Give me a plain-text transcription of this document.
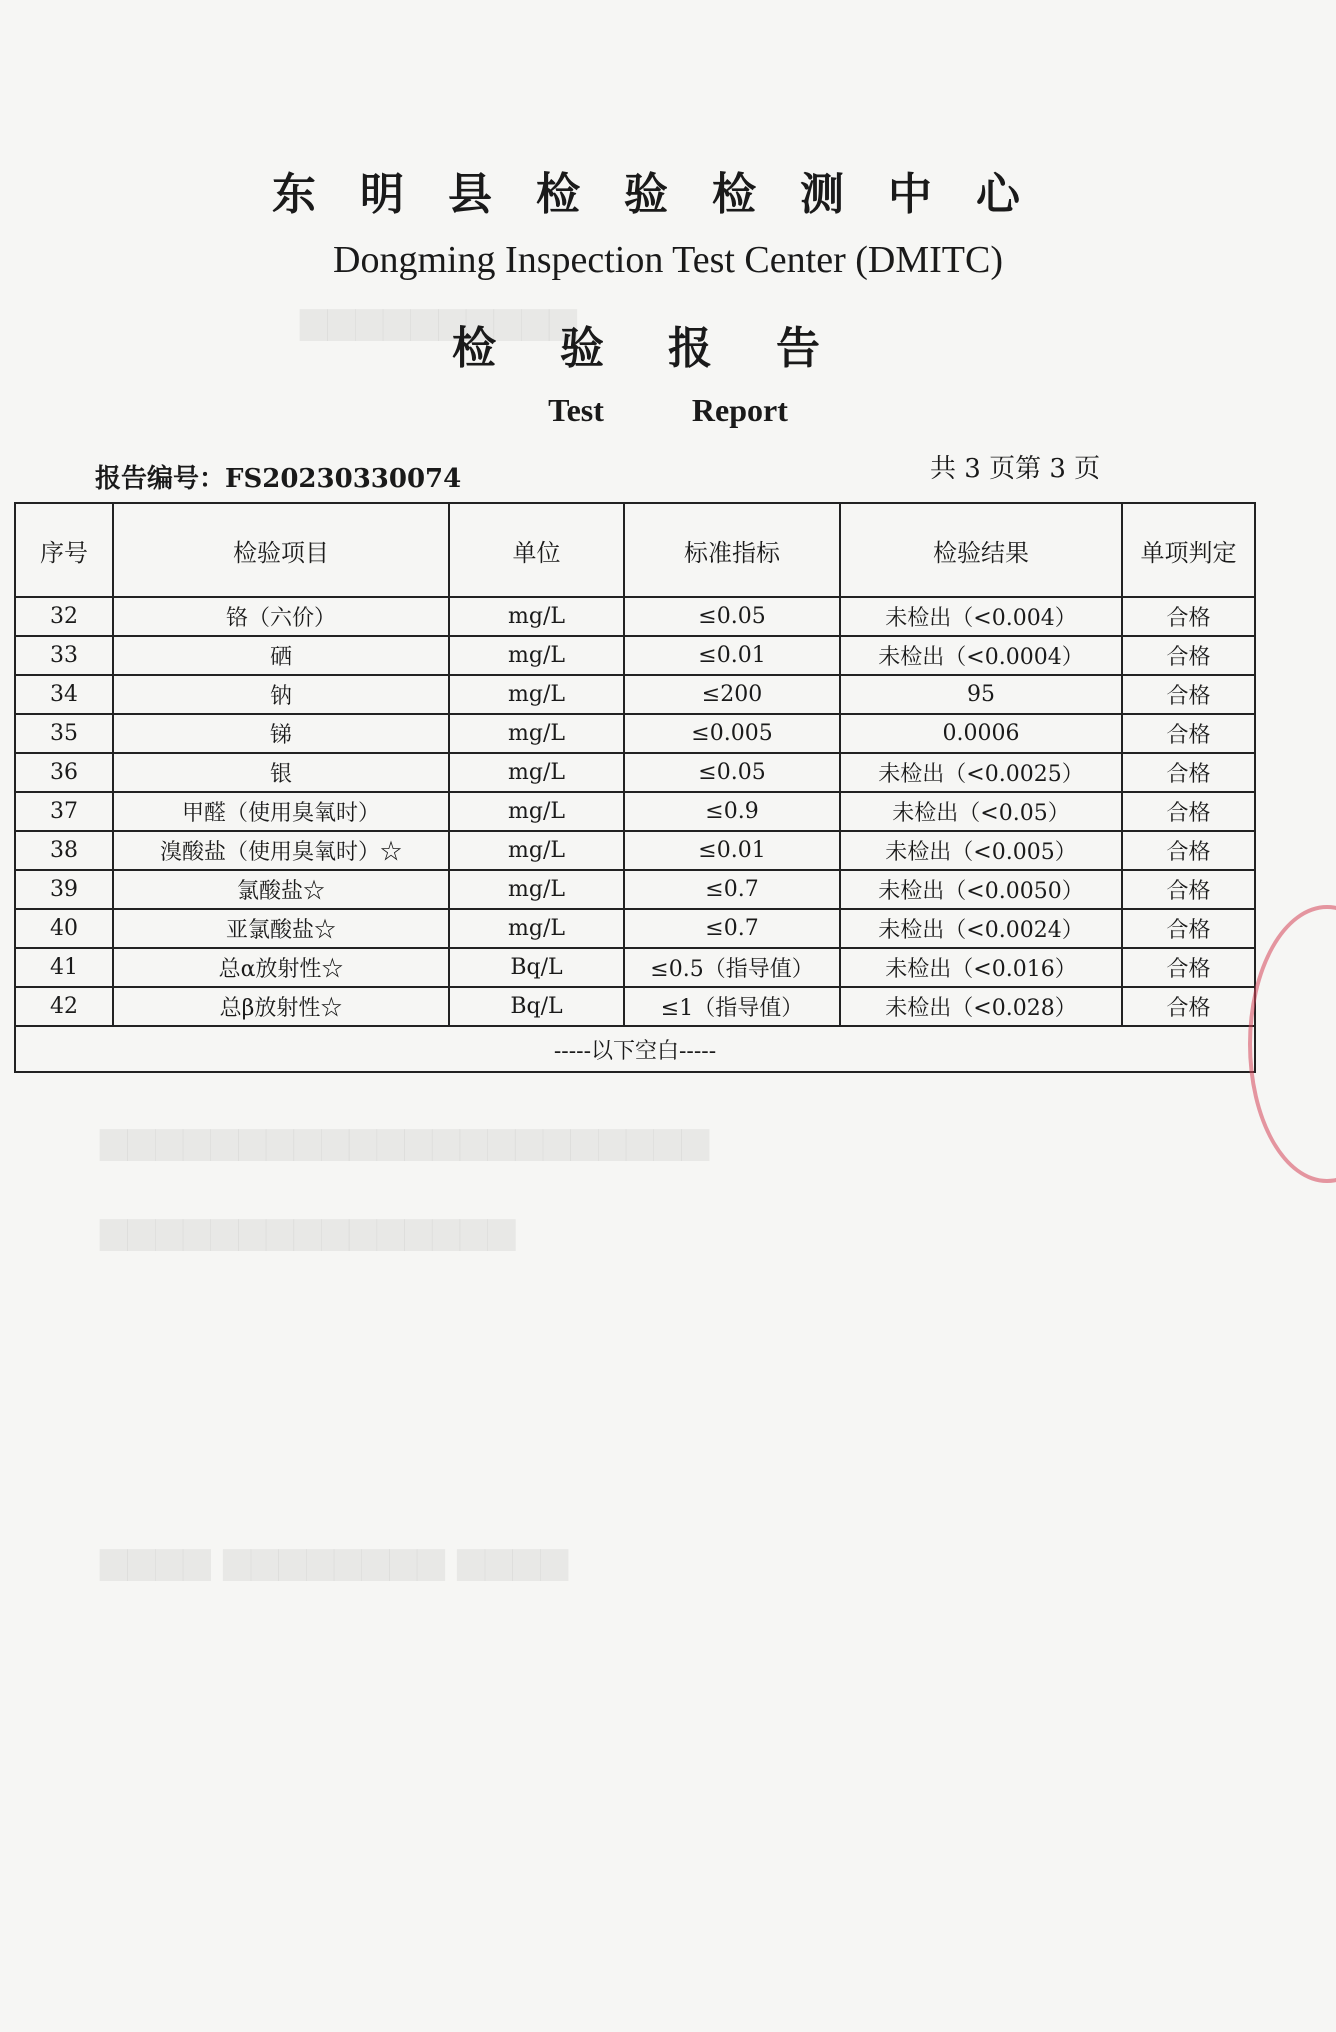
▆▆▆▆▆▆▆▆▆▆
▆▆▆▆▆▆▆▆▆▆▆▆▆▆▆▆▆▆▆▆▆▆
▆▆▆▆▆▆▆▆▆▆▆▆▆▆▆
▆▆▆▆ ▆▆▆▆▆▆▆▆ ▆▆▆▆
东明县检验检测中心
Dongming Inspection Test Center (DMITC)
检验报告
Test Report
报告编号：FS20230330074	共 3 页第 3 页
序号	检验项目	单位	标准指标	检验结果	单项判定
32	铬（六价）	mg/L	≤0.05	未检出（<0.004）	合格
33	硒	mg/L	≤0.01	未检出（<0.0004）	合格
34	钠	mg/L	≤200	95	合格
35	锑	mg/L	≤0.005	0.0006	合格
36	银	mg/L	≤0.05	未检出（<0.0025）	合格
37	甲醛（使用臭氧时）	mg/L	≤0.9	未检出（<0.05）	合格
38	溴酸盐（使用臭氧时）☆	mg/L	≤0.01	未检出（<0.005）	合格
39	氯酸盐☆	mg/L	≤0.7	未检出（<0.0050）	合格
40	亚氯酸盐☆	mg/L	≤0.7	未检出（<0.0024）	合格
41	总α放射性☆	Bq/L	≤0.5（指导值）	未检出（<0.016）	合格
42	总β放射性☆	Bq/L	≤1（指导值）	未检出（<0.028）	合格
-----以下空白-----					
